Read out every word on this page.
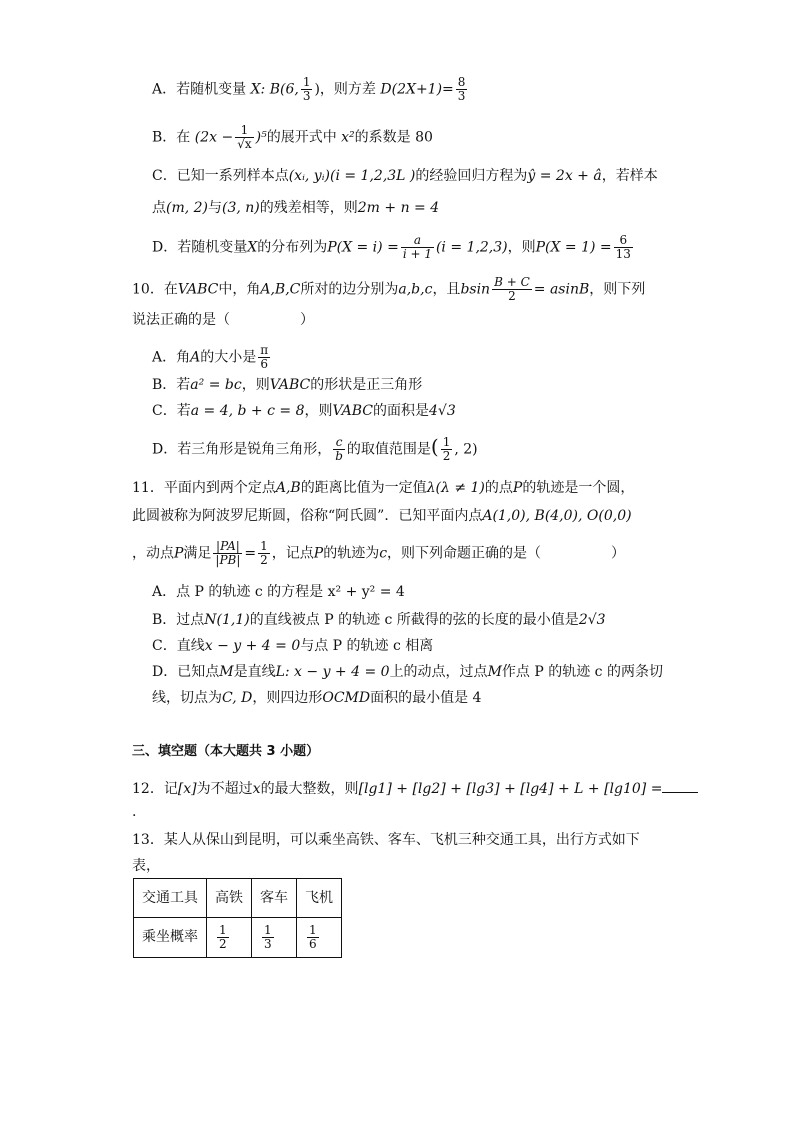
A．若随机变量 X: B(6, $\frac{1}{3}$ )，则方差 $D(2X+1)= \frac{8}{3}$
B．在 $(2x - \frac{1}{√x} )^5$的展开式中 x²的系数是 80
C．已知一系列样本点(xᵢ, yᵢ)(i = 1,2,3L )的经验回归方程为ŷ = 2x + â，若样本
点(m, 2)与(3, n)的残差相等，则2m + n = 4
D．若随机变量X的分布列为$P(X = i) = \frac{a}{i + 1} (i = 1,2,3)$，则$P(X = 1) = \frac{6}{13}$
10．在VABC中，角A,B,C所对的边分别为a,b,c，且bsin $\frac{B + C}{2} = asinB$，则下列
说法正确的是（	）
A．角A的大小是 $\frac{\pi}{6}$
B．若a² = bc，则VABC的形状是正三角形
C．若a = 4, b + c = 8，则VABC的面积是4√3
D．若三角形是锐角三角形， $\frac{c}{b}$ 的取值范围是( $\frac{1}{2}$ , 2)
11．平面内到两个定点A,B的距离比值为一定值λ(λ ≠ 1)的点P的轨迹是一个圆，
此圆被称为阿波罗尼斯圆，俗称“阿氏圆”．已知平面内点A(1,0), B(4,0), O(0,0)
，动点P满足 $\frac{|PA|}{|PB|} = \frac{1}{2}$ ，记点P的轨迹为c，则下列命题正确的是（	）
A．点 P 的轨迹 c 的方程是 x² + y² = 4
B．过点N(1,1)的直线被点 P 的轨迹 c 所截得的弦的长度的最小值是2√3
C．直线x − y + 4 = 0与点 P 的轨迹 c 相离
D．已知点M是直线L: x − y + 4 = 0上的动点，过点M作点 P 的轨迹 c 的两条切
线，切点为C, D，则四边形OCMD面积的最小值是 4
三、填空题（本大题共 3 小题）
12．记[x]为不超过x的最大整数，则[lg1] + [lg2] + [lg3] + [lg4] + L + [lg10] =
.
13．某人从保山到昆明，可以乘坐高铁、客车、飞机三种交通工具，出行方式如下
表，
交通工具	高铁	客车	飞机
乘坐概率	$\frac{1}{2}$	$\frac{1}{3}$	$\frac{1}{6}$
